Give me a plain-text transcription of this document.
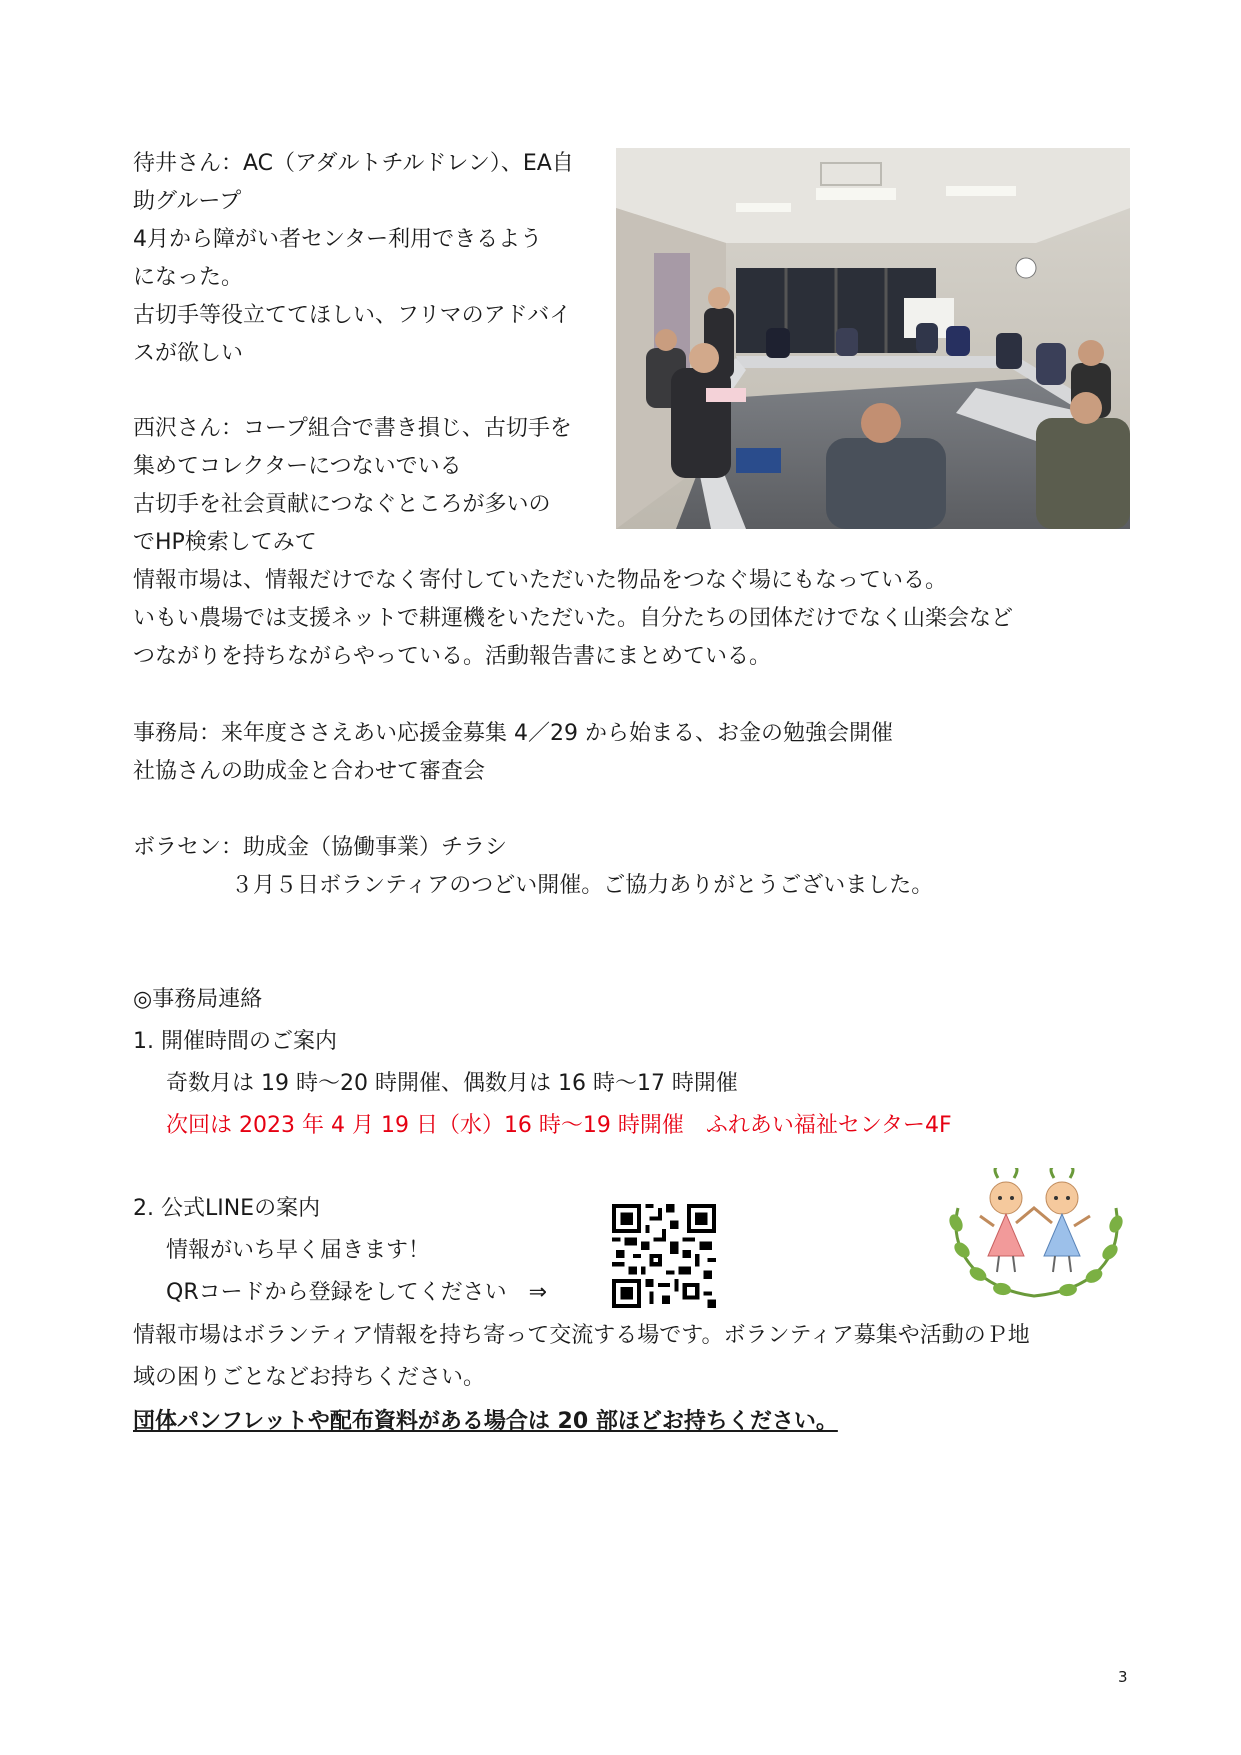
待井さん：AC（アダルトチルドレン）、EA自
助グループ
4月から障がい者センター利用できるよう
になった。
古切手等役立ててほしい、フリマのアドバイ
スが欲しい
西沢さん：コープ組合で書き損じ、古切手を
集めてコレクターにつないでいる
古切手を社会貢献につなぐところが多いの
でHP検索してみて
情報市場は、情報だけでなく寄付していただいた物品をつなぐ場にもなっている。
いもい農場では支援ネットで耕運機をいただいた。自分たちの団体だけでなく山楽会など
つながりを持ちながらやっている。活動報告書にまとめている。
事務局：来年度ささえあい応援金募集 4／29 から始まる、お金の勉強会開催
社協さんの助成金と合わせて審査会
ボラセン：助成金（協働事業）チラシ
３月５日ボランティアのつどい開催。ご協力ありがとうございました。
◎事務局連絡
1. 開催時間のご案内
奇数月は 19 時～20 時開催、偶数月は 16 時～17 時開催
次回は 2023 年 4 月 19 日（水）16 時～19 時開催　ふれあい福祉センター4F
2. 公式LINEの案内
情報がいち早く届きます！
QRコードから登録をしてください　⇒
情報市場はボランティア情報を持ち寄って交流する場です。ボランティア募集や活動のＰ地
域の困りごとなどお持ちください。
団体パンフレットや配布資料がある場合は 20 部ほどお持ちください。
3
